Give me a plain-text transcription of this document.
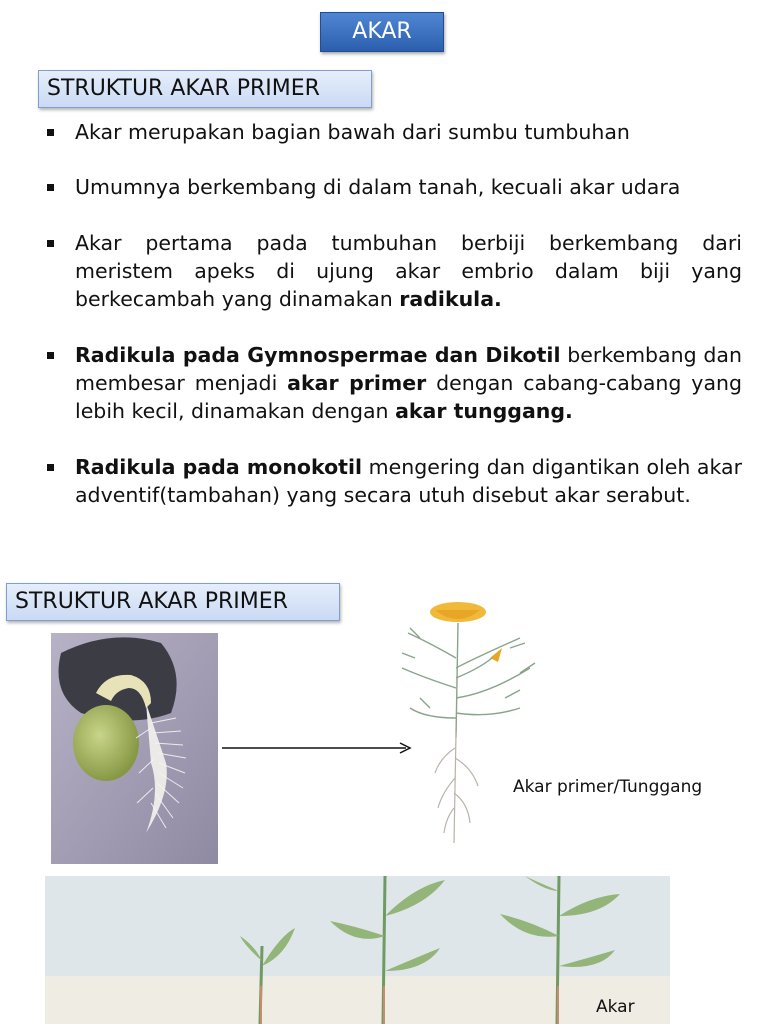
AKAR
STRUKTUR AKAR PRIMER
Akar merupakan bagian bawah dari sumbu tumbuhan
Umumnya berkembang di dalam tanah, kecuali akar udara
Akar pertama pada tumbuhan berbiji berkembang dari meristem apeks di ujung akar embrio dalam biji yang berkecambah yang dinamakan radikula.
Radikula pada Gymnospermae dan Dikotil berkembang dan membesar menjadi akar primer dengan cabang-cabang yang lebih kecil, dinamakan dengan akar tunggang.
Radikula pada monokotil mengering dan digantikan oleh akar adventif(tambahan) yang secara utuh disebut akar serabut.
STRUKTUR AKAR PRIMER
Akar primer/Tunggang
Akar
